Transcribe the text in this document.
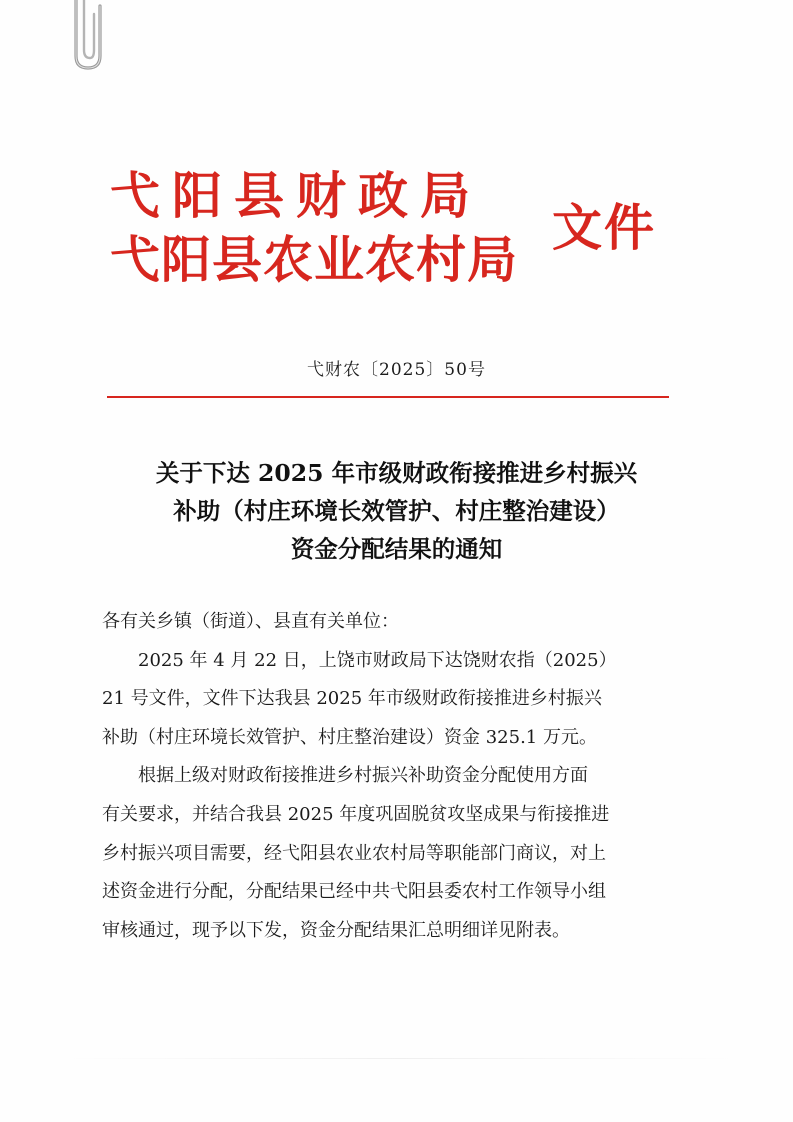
弋阳县财政局
弋阳县农业农村局
文件
弋财农〔2025〕50号
关于下达 2025 年市级财政衔接推进乡村振兴
补助（村庄环境长效管护、村庄整治建设）
资金分配结果的通知

各有关乡镇（街道）、县直有关单位：

2025 年 4 月 22 日，上饶市财政局下达饶财农指（2025）

21 号文件，文件下达我县 2025 年市级财政衔接推进乡村振兴

补助（村庄环境长效管护、村庄整治建设）资金 325.1 万元。

根据上级对财政衔接推进乡村振兴补助资金分配使用方面

有关要求，并结合我县 2025 年度巩固脱贫攻坚成果与衔接推进

乡村振兴项目需要，经弋阳县农业农村局等职能部门商议，对上

述资金进行分配，分配结果已经中共弋阳县委农村工作领导小组

审核通过，现予以下发，资金分配结果汇总明细详见附表。
